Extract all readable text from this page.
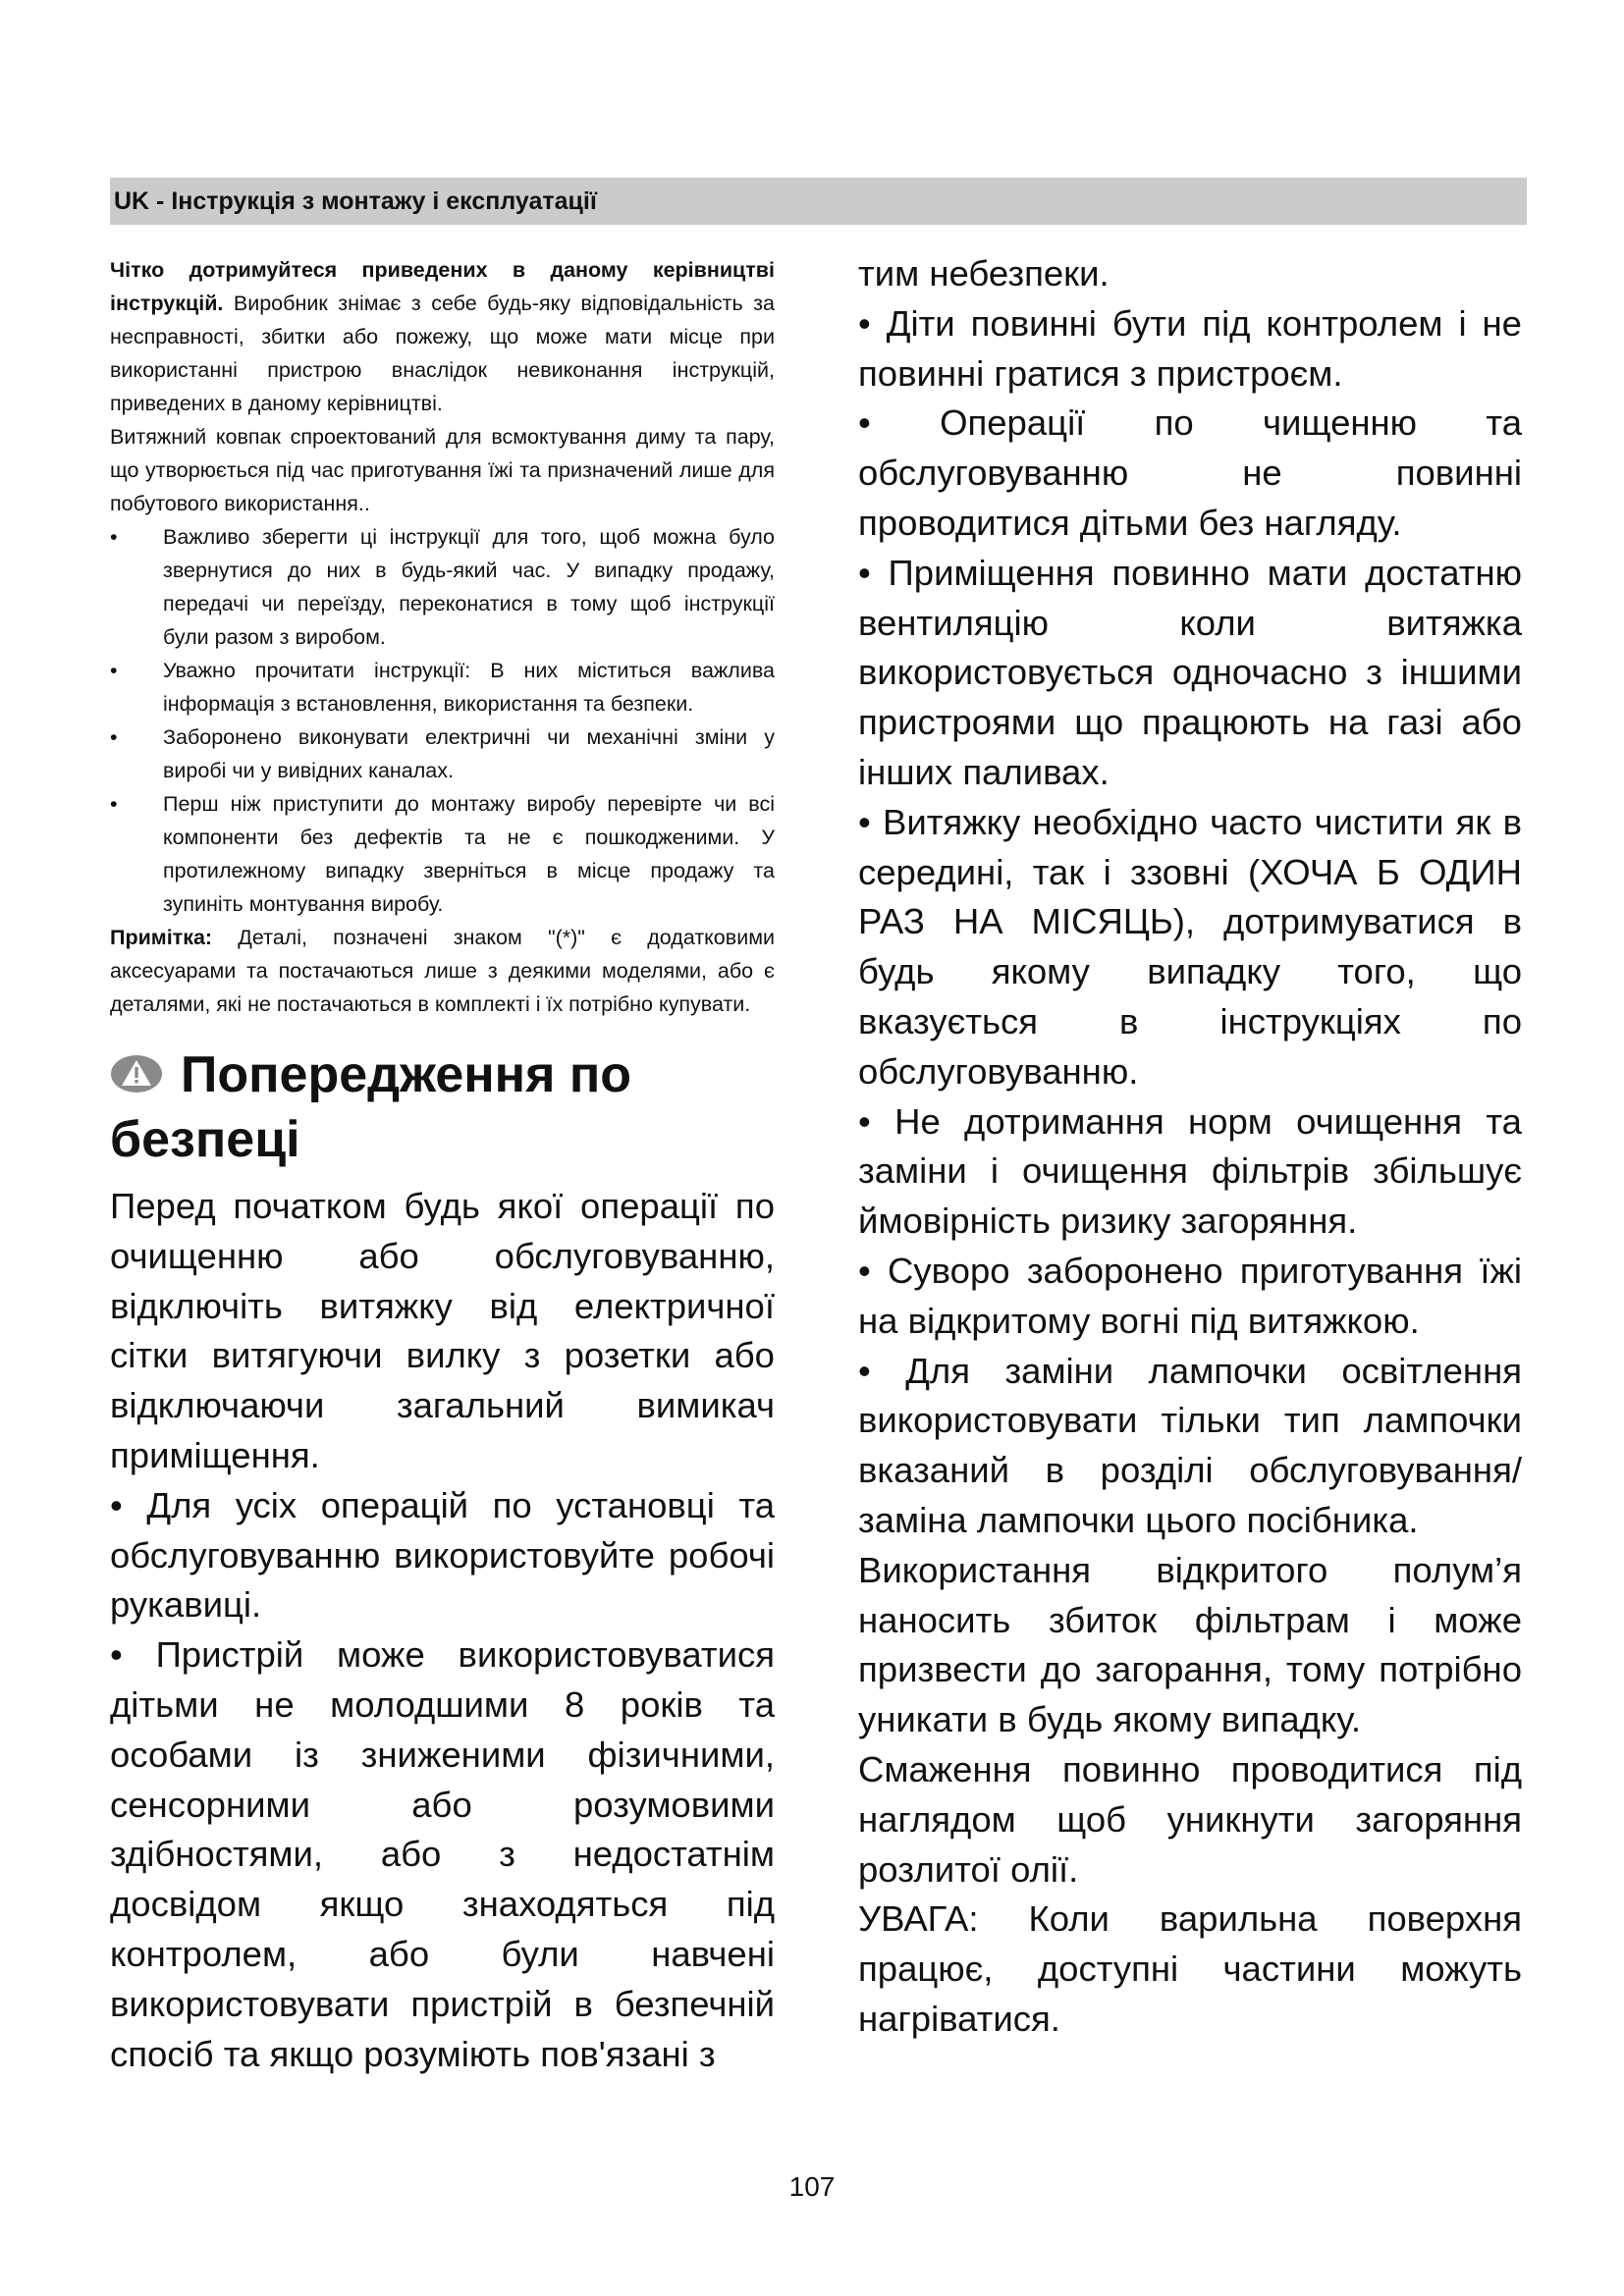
UK - Інструкція з монтажу і експлуатації

Чітко дотримуйтеся приведених в даному керівництві інструкцій. Виробник знімає з себе будь-яку відповідальність за несправності, збитки або пожежу, що може мати місце при використанні пристрою внаслідок невиконання інструкцій, приведених в даному керівництві.

Витяжний ковпак спроектований для всмоктування диму та пару, що утворюється під час приготування їжі та призначений лише для побутового використання..

•	Важливо зберегти ці інструкції для того, щоб можна було звернутися до них в будь-який час. У випадку продажу, передачі чи переїзду, переконатися в тому щоб інструкції були разом з виробом.
•	Уважно прочитати інструкції: В них міститься важлива інформація з встановлення, використання та безпеки.
•	Заборонено виконувати електричні чи механічні зміни у виробі чи у вивідних каналах.
•	Перш ніж приступити до монтажу виробу перевірте чи всі компоненти без дефектів та не є пошкодженими. У протилежному випадку зверніться в місце продажу та зупиніть монтування виробу.

Примітка: Деталі, позначені знаком "(*)" є додатковими аксесуарами та постачаються лише з деякими моделями, або є деталями, які не постачаються в комплекті і їх потрібно купувати.

Попередження по безпеці

Перед початком будь якої операції по очищенню або обслуговуванню, відключіть витяжку від електричної сітки витягуючи вилку з розетки або відключаючи загальний вимикач приміщення.

• Для усіх операцій по установці та обслуговуванню використовуйте робочі рукавиці.

• Пристрій може використовуватися дітьми не молодшими 8 років та особами із зниженими фізичними, сенсорними або розумовими здібностями, або з недостатнім досвідом якщо знаходяться під контролем, або були навчені використовувати пристрій в безпечній спосіб та якщо розуміють пов'язані з

тим небезпеки.

• Діти повинні бути під контролем і не повинні гратися з пристроєм.

• Операції по чищенню та обслуговуванню не повинні проводитися дітьми без нагляду.

• Приміщення повинно мати достатню вентиляцію коли витяжка використовується одночасно з іншими пристроями що працюють на газі або інших паливах.

• Витяжку необхідно часто чистити як в середині, так і ззовні (ХОЧА Б ОДИН РАЗ НА МІСЯЦЬ), дотримуватися в будь якому випадку того, що вказується в інструкціях по обслуговуванню.

• Не дотримання норм очищення та заміни і очищення фільтрів збільшує ймовірність ризику загоряння.

• Суворо заборонено приготування їжі на відкритому вогні під витяжкою.

• Для заміни лампочки освітлення використовувати тільки тип лампочки вказаний в розділі обслуговування/заміна лампочки цього посібника.

Використання відкритого полум’я наносить збиток фільтрам і може призвести до загорання, тому потрібно уникати в будь якому випадку.

Смаження повинно проводитися під наглядом щоб уникнути загоряння розлитої олії.

УВАГА: Коли варильна поверхня працює, доступні частини можуть нагріватися.

107
